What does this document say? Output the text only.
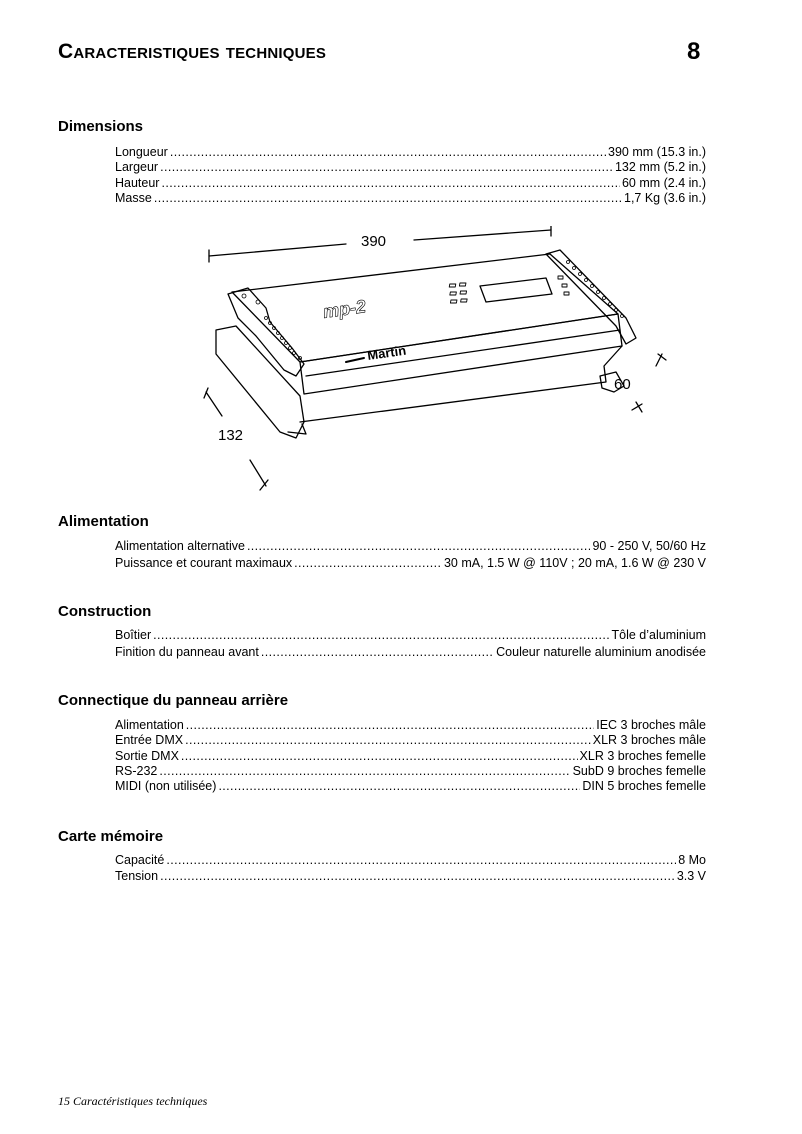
Caracteristiques techniques	8
Dimensions
Longueur .....	390 mm (15.3 in.)
Largeur .....	132 mm (5.2 in.)
Hauteur .....	60 mm (2.4 in.)
Masse .....	1,7 Kg (3.6 in.)
390
mp-2
Martin
60
132
Alimentation
Alimentation alternative .....	90 - 250 V, 50/60 Hz
Puissance et courant maximaux .....	30 mA, 1.5 W @ 110V ; 20 mA, 1.6 W @ 230 V
Construction
Boîtier .....	Tôle d’aluminium
Finition du panneau avant .....	Couleur naturelle aluminium anodisée
Connectique du panneau arrière
Alimentation .....	IEC 3 broches mâle
Entrée DMX .....	XLR 3 broches mâle
Sortie DMX .....	XLR 3 broches femelle
RS-232 .....	SubD 9 broches femelle
MIDI (non utilisée) .....	DIN 5 broches femelle
Carte mémoire
Capacité .....	8 Mo
Tension .....	3.3 V
15 Caractéristiques techniques
